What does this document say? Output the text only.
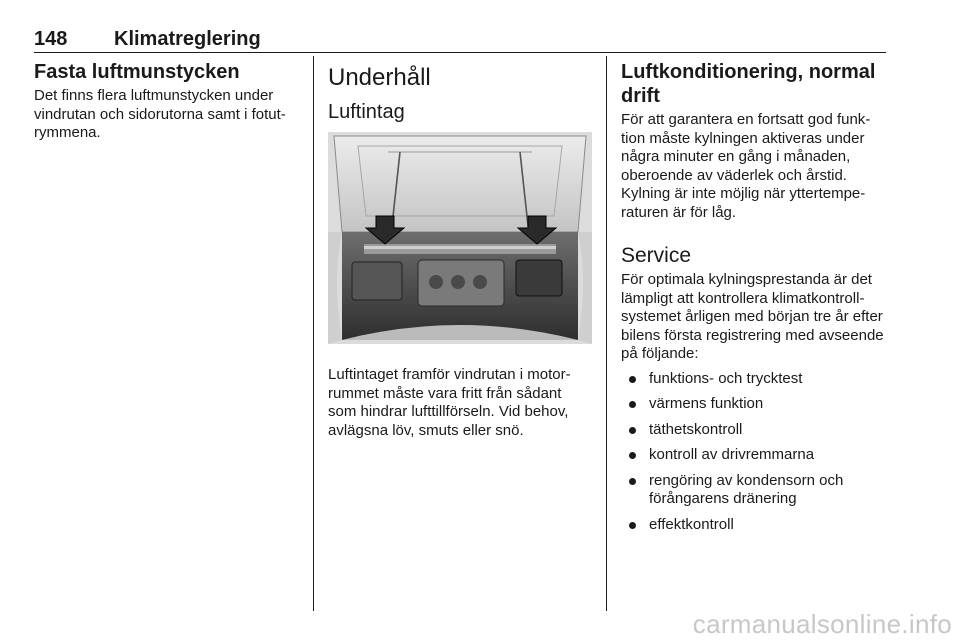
148 Klimatreglering
Fasta luftmunstycken

Det finns flera luftmunstycken under vindrutan och sidorutorna samt i fotutrymmena.

Underhåll
Luftintag

Luftintaget framför vindrutan i motorrummet måste vara fritt från sådant som hindrar lufttillförseln. Vid behov, avlägsna löv, smuts eller snö.

Luftkonditionering, normal drift

För att garantera en fortsatt god funktion måste kylningen aktiveras under några minuter en gång i månaden, oberoende av väderlek och årstid. Kylning är inte möjlig när yttertemperaturen är för låg.

Service

För optimala kylningsprestanda är det lämpligt att kontrollera klimatkontrollsystemet årligen med början tre år efter bilens första registrering med avseende på följande:

funktions- och trycktest
värmens funktion
täthetskontroll
kontroll av drivremmarna
rengöring av kondensorn och förångarens dränering
effektkontroll
carmanualsonline.info
